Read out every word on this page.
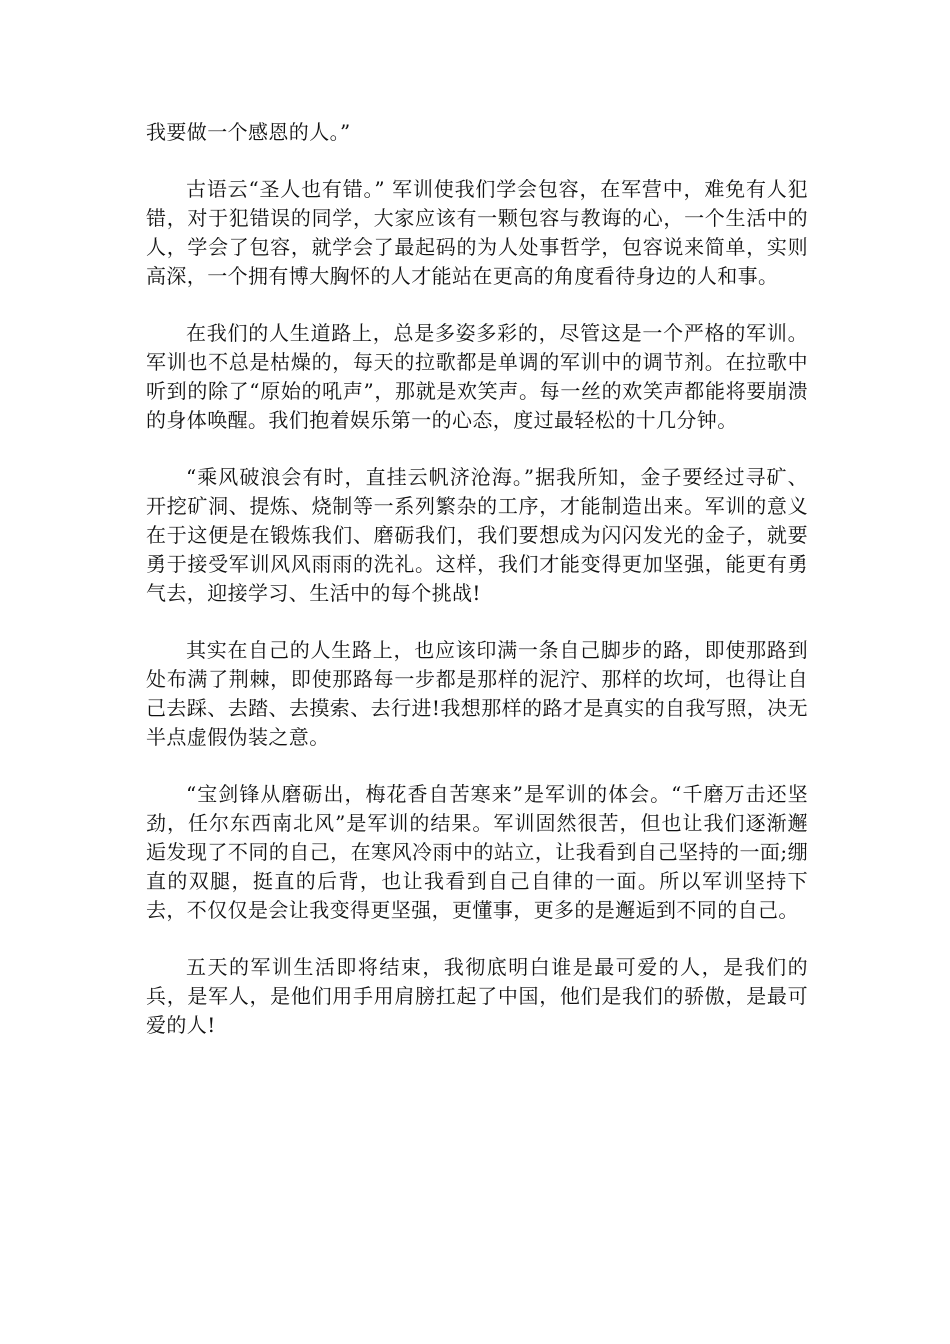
我要做一个感恩的人。”

古语云“圣人也有错。” 军训使我们学会包容，在军营中，难免有人犯错，对于犯错误的同学，大家应该有一颗包容与教诲的心，一个生活中的人，学会了包容，就学会了最起码的为人处事哲学，包容说来简单，实则高深，一个拥有博大胸怀的人才能站在更高的角度看待身边的人和事。

在我们的人生道路上，总是多姿多彩的，尽管这是一个严格的军训。军训也不总是枯燥的，每天的拉歌都是单调的军训中的调节剂。在拉歌中听到的除了“原始的吼声”，那就是欢笑声。每一丝的欢笑声都能将要崩溃的身体唤醒。我们抱着娱乐第一的心态，度过最轻松的十几分钟。

“乘风破浪会有时，直挂云帆济沧海。”据我所知，金子要经过寻矿、开挖矿洞、提炼、烧制等一系列繁杂的工序，才能制造出来。军训的意义在于这便是在锻炼我们、磨砺我们，我们要想成为闪闪发光的金子，就要勇于接受军训风风雨雨的洗礼。这样，我们才能变得更加坚强，能更有勇气去，迎接学习、生活中的每个挑战!

其实在自己的人生路上，也应该印满一条自己脚步的路，即使那路到处布满了荆棘，即使那路每一步都是那样的泥泞、那样的坎坷，也得让自己去踩、去踏、去摸索、去行进!我想那样的路才是真实的自我写照，决无半点虚假伪装之意。

“宝剑锋从磨砺出，梅花香自苦寒来”是军训的体会。“千磨万击还坚劲，任尔东西南北风”是军训的结果。军训固然很苦，但也让我们逐渐邂逅发现了不同的自己，在寒风冷雨中的站立，让我看到自己坚持的一面;绷直的双腿，挺直的后背，也让我看到自己自律的一面。所以军训坚持下去，不仅仅是会让我变得更坚强，更懂事，更多的是邂逅到不同的自己。

五天的军训生活即将结束，我彻底明白谁是最可爱的人，是我们的兵，是军人，是他们用手用肩膀扛起了中国，他们是我们的骄傲，是最可爱的人!
